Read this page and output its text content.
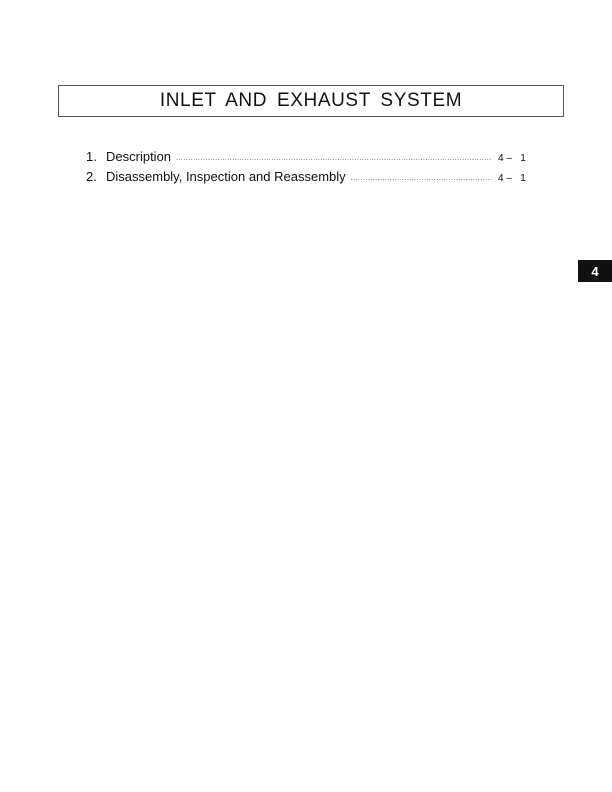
INLET AND EXHAUST SYSTEM
1. Description .....	4 –   1
2. Disassembly, Inspection and Reassembly .....	4 –   1
4
